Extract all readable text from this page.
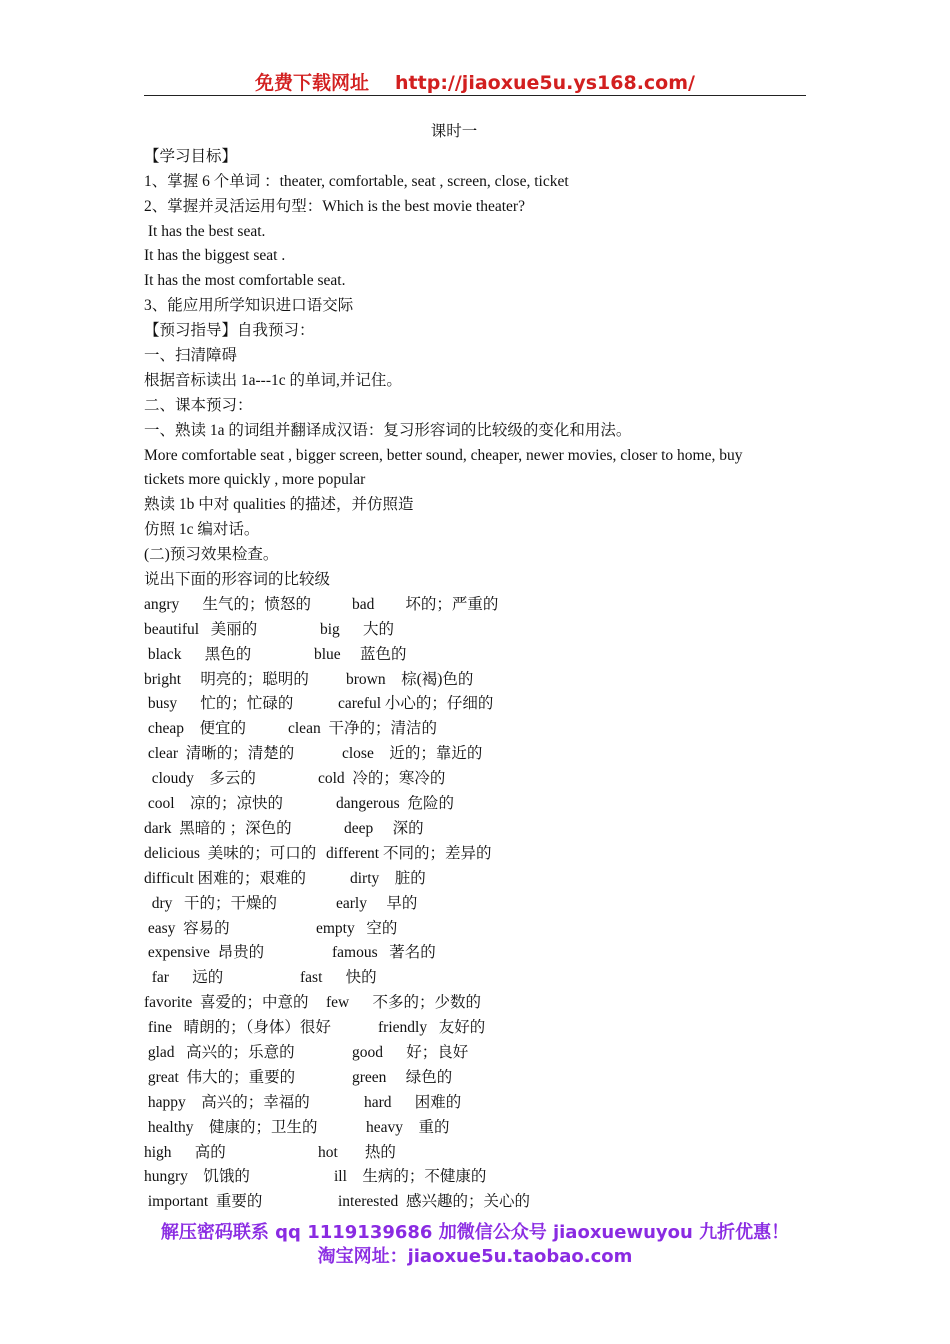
免费下载网址 http://jiaoxue5u.ys168.com/
课时一
【学习目标】
1、掌握 6 个单词 ：theater, comfortable, seat , screen, close, ticket
2、掌握并灵活运用句型：Which is the best movie theater?
It has the best seat.
It has the biggest seat .
It has the most comfortable seat.
3、能应用所学知识进口语交际
【预习指导】自我预习：
一、扫清障碍
根据音标读出 1a---1c 的单词,并记住。
二、课本预习：
一、熟读 1a 的词组并翻译成汉语：复习形容词的比较级的变化和用法。
More comfortable seat , bigger screen, better sound, cheaper, newer movies, closer to home, buy
tickets more quickly , more popular
熟读 1b 中对 qualities 的描述，并仿照造
仿照 1c 编对话。
(二)预习效果检查。
说出下面的形容词的比较级
angry      生气的；愤怒的	bad        坏的；严重的
beautiful   美丽的	big      大的
black      黑色的	blue     蓝色的
bright     明亮的；聪明的 brown    棕(褐)色的
busy      忙的；忙碌的	careful 小心的；仔细的
cheap    便宜的	clean  干净的；清洁的
clear  清晰的；清楚的	close    近的；靠近的
cloudy    多云的	cold  冷的；寒冷的
cool    凉的；凉快的	dangerous  危险的
dark  黑暗的 ；深色的	deep     深的
delicious  美味的；可口的 different 不同的；差异的
difficult 困难的；艰难的	dirty    脏的
dry   干的；干燥的	early     早的
easy  容易的	empty   空的
expensive  昂贵的	famous   著名的
far      远的	fast      快的
favorite  喜爱的；中意的 few      不多的；少数的
fine   晴朗的；（身体）很好	friendly   友好的
glad   高兴的；乐意的	good      好；良好
great  伟大的；重要的	green     绿色的
happy    高兴的；幸福的	hard      困难的
healthy    健康的；卫生的	heavy    重的
high      高的	hot       热的
hungry    饥饿的	ill    生病的；不健康的
important  重要的	interested  感兴趣的；关心的
解压密码联系 qq 1119139686 加微信公众号 jiaoxuewuyou 九折优惠！
淘宝网址：jiaoxue5u.taobao.com
